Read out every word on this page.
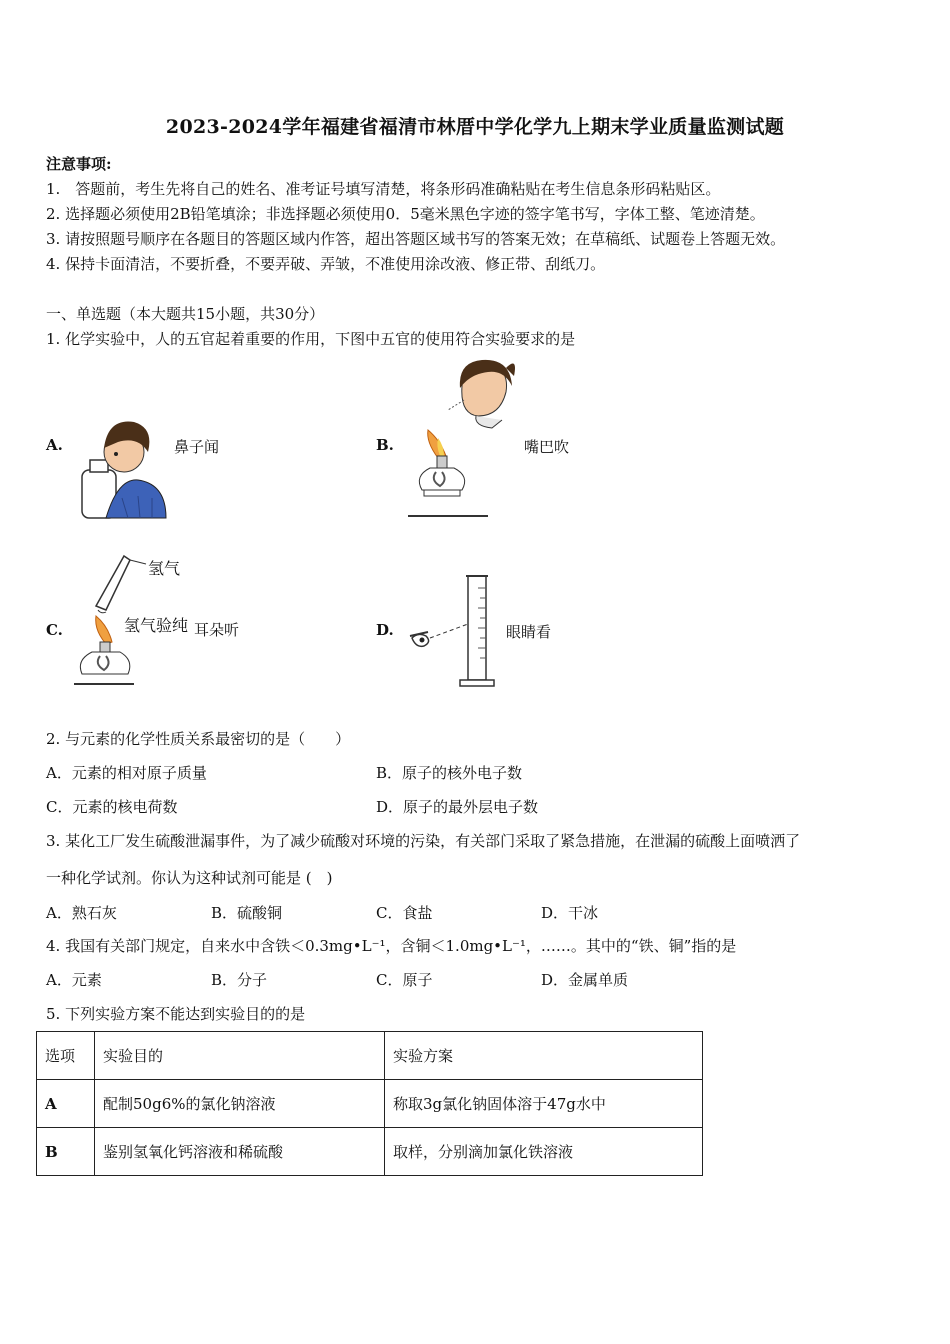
2023-2024学年福建省福清市林厝中学化学九上期末学业质量监测试题
注意事项:
1.　答题前，考生先将自己的姓名、准考证号填写清楚，将条形码准确粘贴在考生信息条形码粘贴区。
2. 选择题必须使用2B铅笔填涂；非选择题必须使用0．5毫米黑色字迹的签字笔书写，字体工整、笔迹清楚。
3. 请按照题号顺序在各题目的答题区域内作答，超出答题区域书写的答案无效；在草稿纸、试题卷上答题无效。
4. 保持卡面清洁，不要折叠，不要弄破、弄皱，不准使用涂改液、修正带、刮纸刀。
一、单选题（本大题共15小题，共30分）
1. 化学实验中，人的五官起着重要的作用，下图中五官的使用符合实验要求的是
A.	鼻子闻	B.	嘴巴吹
C.
氢气
氢气验纯 耳朵听	D.	眼睛看
2. 与元素的化学性质关系最密切的是（　　）
A．元素的相对原子质量	B．原子的核外电子数
C．元素的核电荷数	D．原子的最外层电子数
3. 某化工厂发生硫酸泄漏事件，为了减少硫酸对环境的污染，有关部门采取了紧急措施，在泄漏的硫酸上面喷洒了
一种化学试剂。你认为这种试剂可能是 (　)
A．熟石灰	B．硫酸铜	C．食盐	D．干冰
4. 我国有关部门规定，自来水中含铁＜0.3mg•L⁻¹，含铜＜1.0mg•L⁻¹，……。其中的“铁、铜”指的是
A．元素	B．分子	C．原子	D．金属单质
5. 下列实验方案不能达到实验目的的是
选项	实验目的	实验方案
A	配制50g6%的氯化钠溶液	称取3g氯化钠固体溶于47g水中
B	鉴别氢氧化钙溶液和稀硫酸	取样，分别滴加氯化铁溶液
